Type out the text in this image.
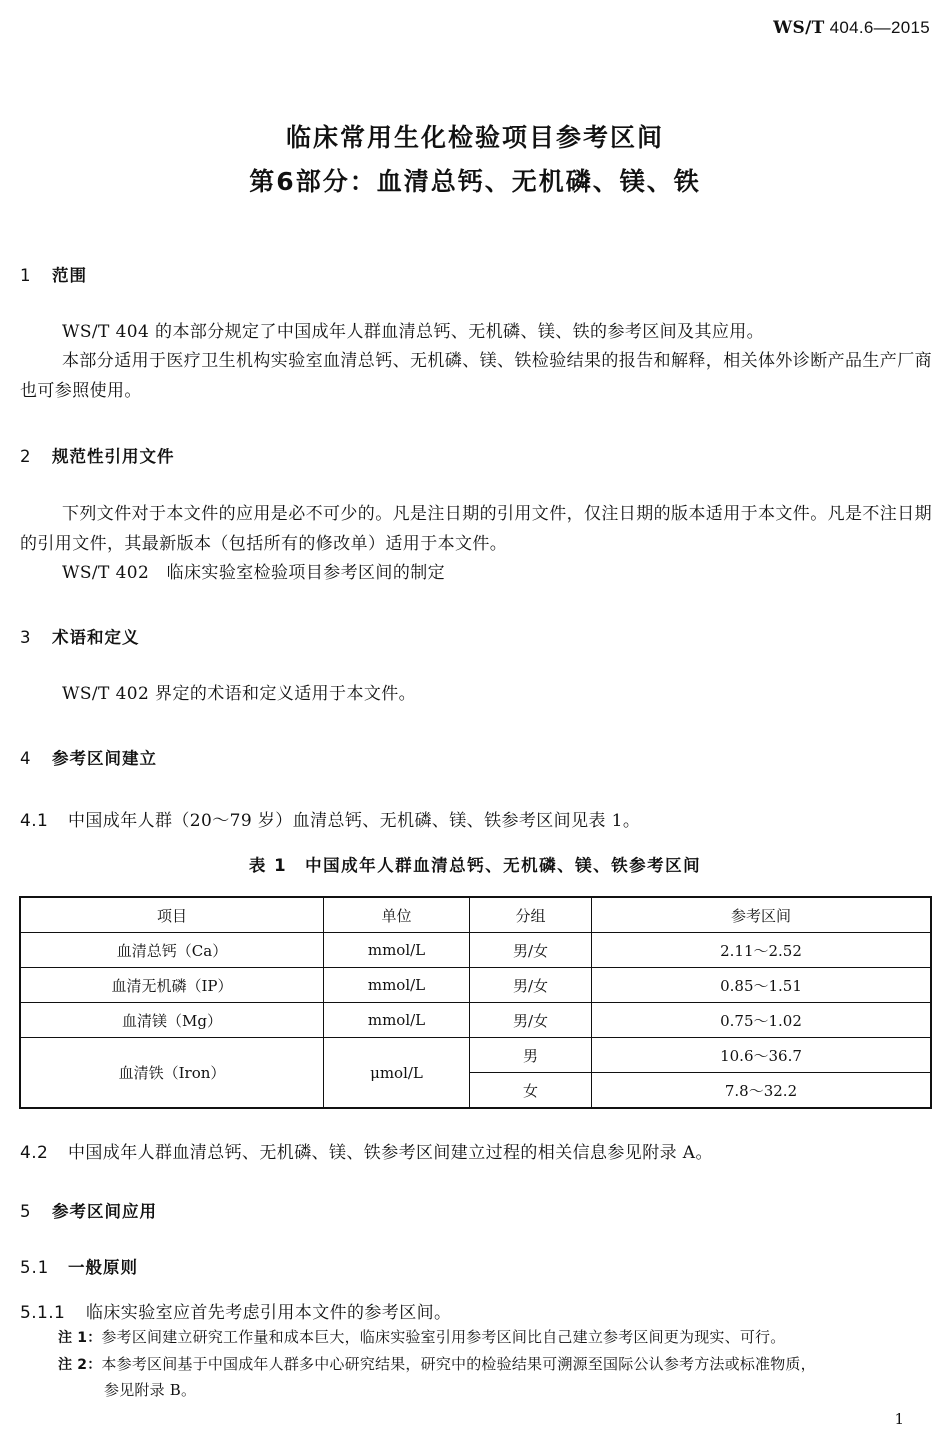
WS/T 404.6—2015
临床常用生化检验项目参考区间
第6部分：血清总钙、无机磷、镁、铁
1 范围
WS/T 404 的本部分规定了中国成年人群血清总钙、无机磷、镁、铁的参考区间及其应用。
本部分适用于医疗卫生机构实验室血清总钙、无机磷、镁、铁检验结果的报告和解释，相关体外诊断产品生产厂商也可参照使用。
2 规范性引用文件
下列文件对于本文件的应用是必不可少的。凡是注日期的引用文件，仅注日期的版本适用于本文件。凡是不注日期的引用文件，其最新版本（包括所有的修改单）适用于本文件。
WS/T 402　临床实验室检验项目参考区间的制定
3 术语和定义
WS/T 402 界定的术语和定义适用于本文件。
4 参考区间建立
4.1 中国成年人群（20～79 岁）血清总钙、无机磷、镁、铁参考区间见表 1。
表 1　中国成年人群血清总钙、无机磷、镁、铁参考区间
项目	单位	分组	参考区间
血清总钙（Ca）	mmol/L	男/女	2.11～2.52
血清无机磷（IP）	mmol/L	男/女	0.85～1.51
血清镁（Mg）	mmol/L	男/女	0.75～1.02
血清铁（Iron）	μmol/L	男	10.6～36.7
		女	7.8～32.2
4.2 中国成年人群血清总钙、无机磷、镁、铁参考区间建立过程的相关信息参见附录 A。
5 参考区间应用
5.1 一般原则
5.1.1 临床实验室应首先考虑引用本文件的参考区间。
注 1：参考区间建立研究工作量和成本巨大，临床实验室引用参考区间比自己建立参考区间更为现实、可行。
注 2：本参考区间基于中国成年人群多中心研究结果，研究中的检验结果可溯源至国际公认参考方法或标准物质，
参见附录 B。
1
